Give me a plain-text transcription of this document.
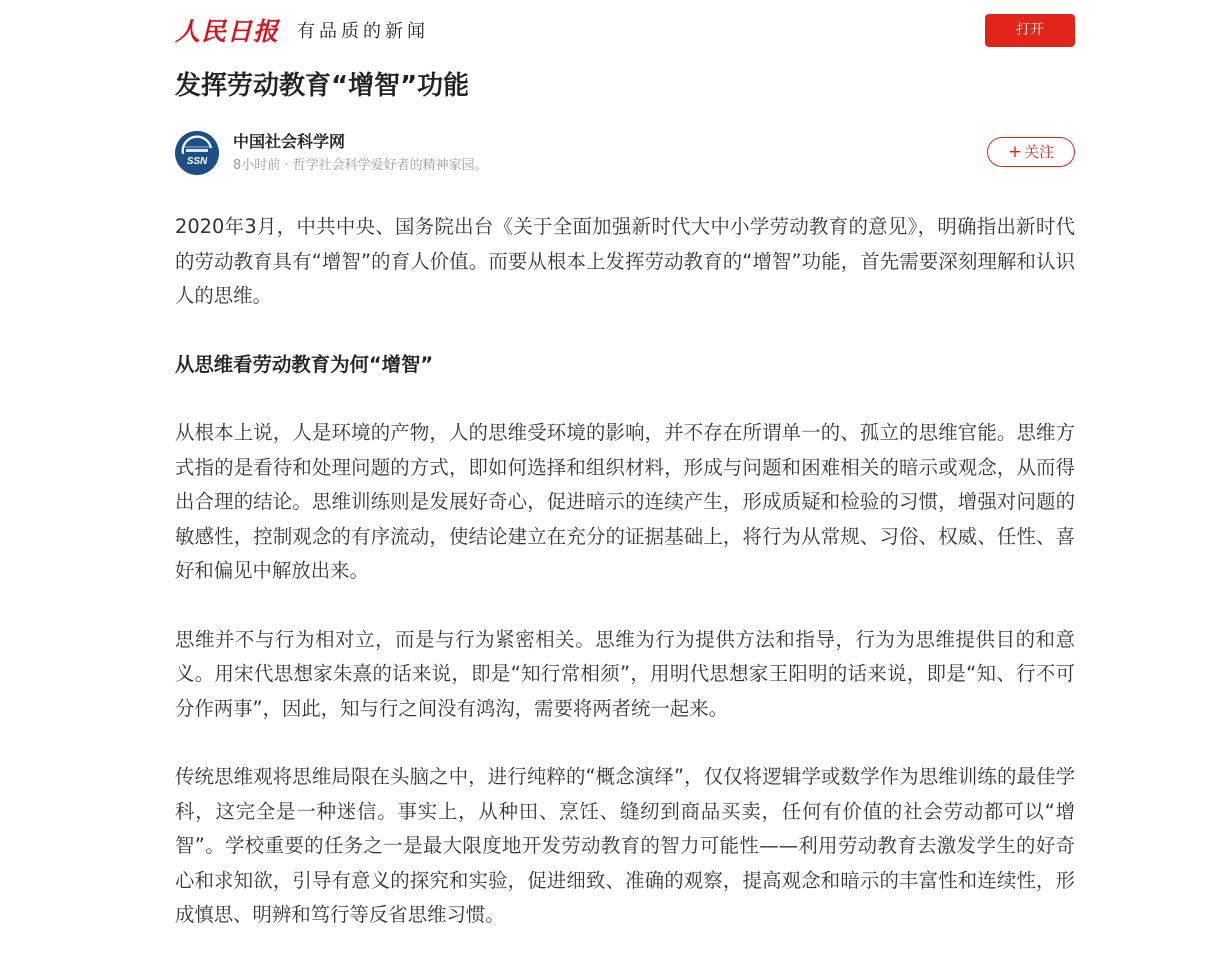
人民日报 有品质的新闻	打开
发挥劳动教育“增智”功能
SSN
中国社会科学网
8小时前 · 哲学社会科学爱好者的精神家园。
+ 关注

2020年3月，中共中央、国务院出台《关于全面加强新时代大中小学劳动教育的意见》，明确指出新时代的劳动教育具有“增智”的育人价值。而要从根本上发挥劳动教育的“增智”功能，首先需要深刻理解和认识人的思维。

从思维看劳动教育为何“增智”

从根本上说，人是环境的产物，人的思维受环境的影响，并不存在所谓单一的、孤立的思维官能。思维方式指的是看待和处理问题的方式，即如何选择和组织材料，形成与问题和困难相关的暗示或观念，从而得出合理的结论。思维训练则是发展好奇心，促进暗示的连续产生，形成质疑和检验的习惯，增强对问题的敏感性，控制观念的有序流动，使结论建立在充分的证据基础上，将行为从常规、习俗、权威、任性、喜好和偏见中解放出来。

思维并不与行为相对立，而是与行为紧密相关。思维为行为提供方法和指导，行为为思维提供目的和意义。用宋代思想家朱熹的话来说，即是“知行常相须”，用明代思想家王阳明的话来说，即是“知、行不可分作两事”，因此，知与行之间没有鸿沟，需要将两者统一起来。

传统思维观将思维局限在头脑之中，进行纯粹的“概念演绎”，仅仅将逻辑学或数学作为思维训练的最佳学科，这完全是一种迷信。事实上，从种田、烹饪、缝纫到商品买卖，任何有价值的社会劳动都可以“增智”。学校重要的任务之一是最大限度地开发劳动教育的智力可能性——利用劳动教育去激发学生的好奇心和求知欲，引导有意义的探究和实验，促进细致、准确的观察，提高观念和暗示的丰富性和连续性，形成慎思、明辨和笃行等反省思维习惯。
